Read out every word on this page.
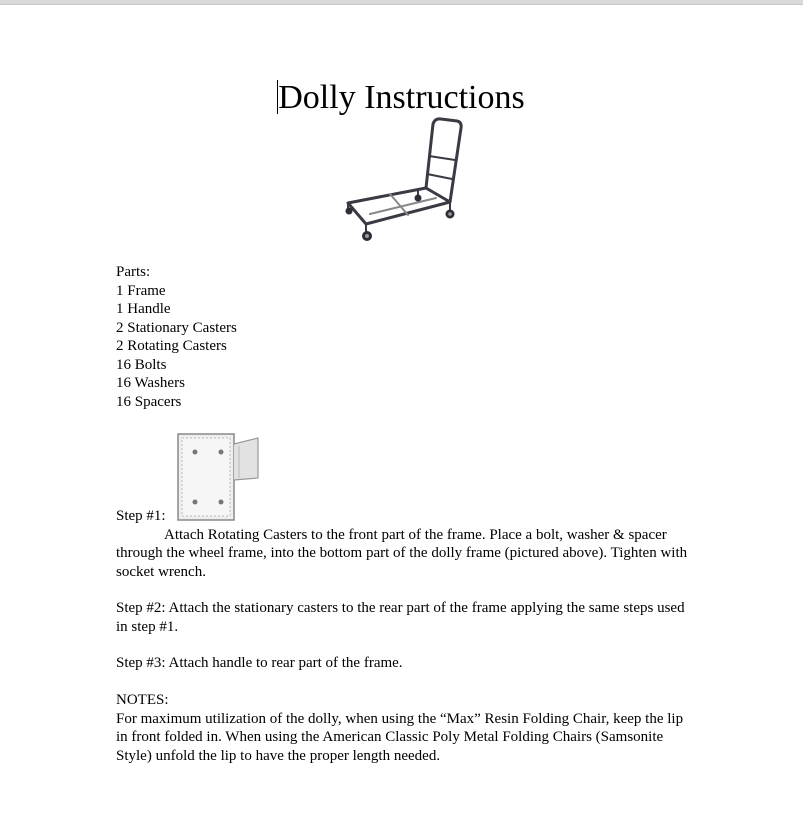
Dolly Instructions
Parts:
1 Frame
1 Handle
2 Stationary Casters
2 Rotating Casters
16 Bolts
16 Washers
16 Spacers
Step #1:
Attach Rotating Casters to the front part of the frame. Place a bolt, washer & spacer through the wheel frame, into the bottom part of the dolly frame (pictured above). Tighten with socket wrench.
Step #2: Attach the stationary casters to the rear part of the frame applying the same steps used in step #1.
Step #3: Attach handle to rear part of the frame.
NOTES:
For maximum utilization of the dolly, when using the “Max” Resin Folding Chair, keep the lip in front folded in. When using the American Classic Poly Metal Folding Chairs (Samsonite Style) unfold the lip to have the proper length needed.
